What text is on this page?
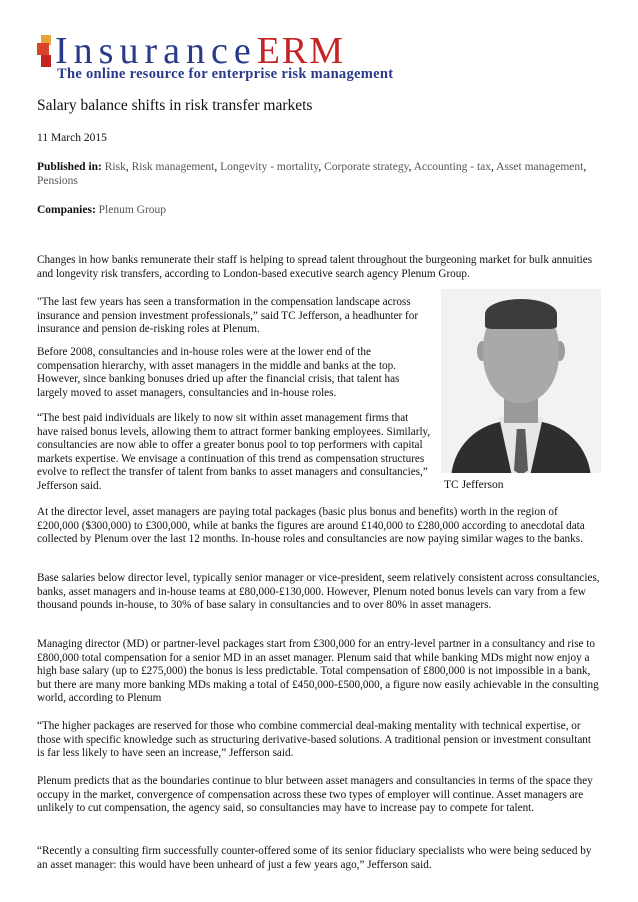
InsuranceERM
The online resource for enterprise risk management
Salary balance shifts in risk transfer markets

11 March 2015

Published in: Risk, Risk management, Longevity - mortality, Corporate strategy, Accounting - tax, Asset management, Pensions

Companies: Plenum Group

Changes in how banks remunerate their staff is helping to spread talent throughout the burgeoning market for bulk annuities and longevity risk transfers, according to London-based executive search agency Plenum Group.

"The last few years has seen a transformation in the compensation landscape across insurance and pension investment professionals,” said TC Jefferson, a headhunter for insurance and pension de-risking roles at Plenum.

Before 2008, consultancies and in-house roles were at the lower end of the compensation hierarchy, with asset managers in the middle and banks at the top. However, since banking bonuses dried up after the financial crisis, that talent has largely moved to asset managers, consultancies and in-house roles.

“The best paid individuals are likely to now sit within asset management firms that have raised bonus levels, allowing them to attract former banking employees. Similarly, consultancies are now able to offer a greater bonus pool to top performers with capital markets expertise. We envisage a continuation of this trend as compensation structures evolve to reflect the transfer of talent from banks to asset managers and consultancies,” Jefferson said.	TC Jefferson

At the director level, asset managers are paying total packages (basic plus bonus and benefits) worth in the region of £200,000 ($300,000) to £300,000, while at banks the figures are around £140,000 to £280,000 according to anecdotal data collected by Plenum over the last 12 months. In-house roles and consultancies are now paying similar wages to the banks.

Base salaries below director level, typically senior manager or vice-president, seem relatively consistent across consultancies, banks, asset managers and in-house teams at £80,000-£130,000. However, Plenum noted bonus levels can vary from a few thousand pounds in-house, to 30% of base salary in consultancies and to over 80% in asset managers.

Managing director (MD) or partner-level packages start from £300,000 for an entry-level partner in a consultancy and rise to £800,000 total compensation for a senior MD in an asset manager. Plenum said that while banking MDs might now enjoy a high base salary (up to £275,000) the bonus is less predictable. Total compensation of £800,000 is not impossible in a bank, but there are many more banking MDs making a total of £450,000-£500,000, a figure now easily achievable in the consulting world, according to Plenum

“The higher packages are reserved for those who combine commercial deal-making mentality with technical expertise, or those with specific knowledge such as structuring derivative-based solutions. A traditional pension or investment consultant is far less likely to have seen an increase,” Jefferson said.

Plenum predicts that as the boundaries continue to blur between asset managers and consultancies in terms of the space they occupy in the market, convergence of compensation across these two types of employer will continue. Asset managers are unlikely to cut compensation, the agency said, so consultancies may have to increase pay to compete for talent.

“Recently a consulting firm successfully counter-offered some of its senior fiduciary specialists who were being seduced by an asset manager: this would have been unheard of just a few years ago,” Jefferson said.
